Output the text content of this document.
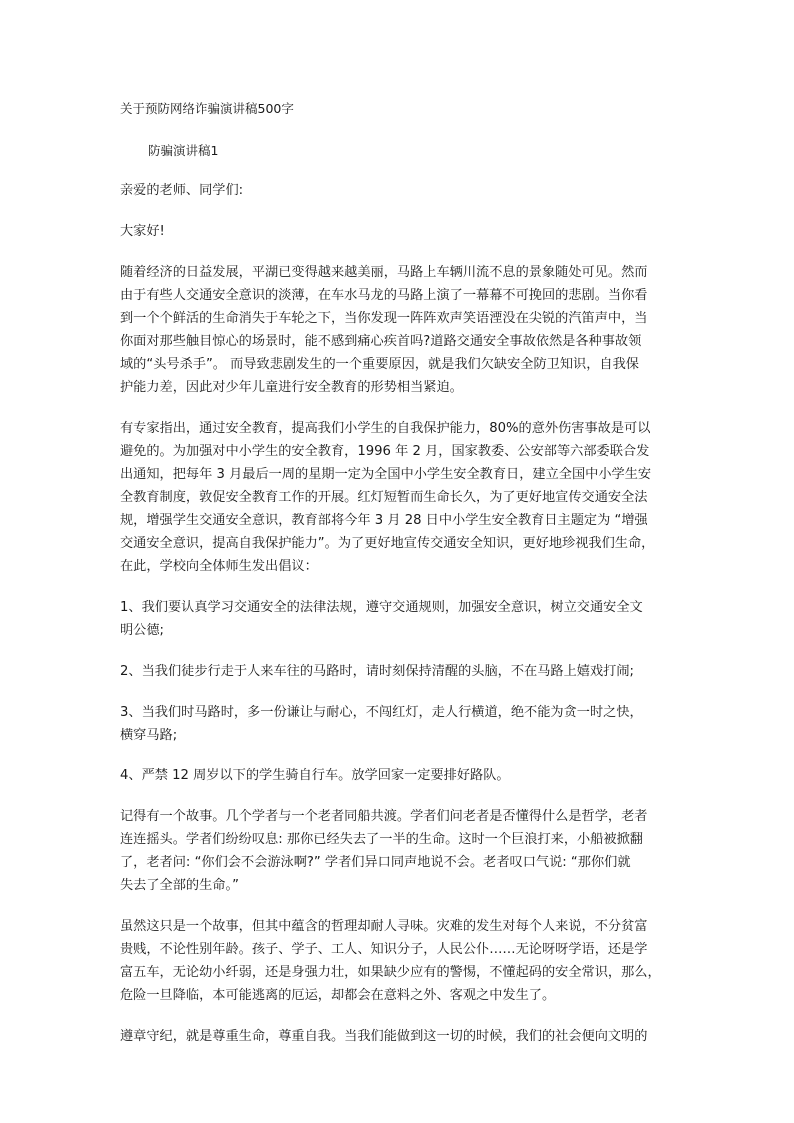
关于预防网络诈骗演讲稿500字

防骗演讲稿1

亲爱的老师、同学们:

大家好!

随着经济的日益发展，平湖已变得越来越美丽，马路上车辆川流不息的景象随处可见。然而

由于有些人交通安全意识的淡薄，在车水马龙的马路上演了一幕幕不可挽回的悲剧。当你看

到一个个鲜活的生命消失于车轮之下，当你发现一阵阵欢声笑语湮没在尖锐的汽笛声中，当

你面对那些触目惊心的场景时，能不感到痛心疾首吗?道路交通安全事故依然是各种事故领

域的“头号杀手”。 而导致悲剧发生的一个重要原因，就是我们欠缺安全防卫知识，自我保

护能力差，因此对少年儿童进行安全教育的形势相当紧迫。

有专家指出，通过安全教育，提高我们小学生的自我保护能力，80%的意外伤害事故是可以

避免的。为加强对中小学生的安全教育，1996 年 2 月，国家教委、公安部等六部委联合发

出通知，把每年 3 月最后一周的星期一定为全国中小学生安全教育日，建立全国中小学生安

全教育制度，敦促安全教育工作的开展。红灯短暂而生命长久，为了更好地宣传交通安全法

规，增强学生交通安全意识，教育部将今年 3 月 28 日中小学生安全教育日主题定为 “增强

交通安全意识，提高自我保护能力”。为了更好地宣传交通安全知识，更好地珍视我们生命，

在此，学校向全体师生发出倡议：

1、我们要认真学习交通安全的法律法规，遵守交通规则，加强安全意识，树立交通安全文

明公德;

2、当我们徒步行走于人来车往的马路时，请时刻保持清醒的头脑，不在马路上嬉戏打闹;

3、当我们时马路时，多一份谦让与耐心，不闯红灯，走人行横道，绝不能为贪一时之快，

横穿马路;

4、严禁 12 周岁以下的学生骑自行车。放学回家一定要排好路队。

记得有一个故事。几个学者与一个老者同船共渡。学者们问老者是否懂得什么是哲学，老者

连连摇头。学者们纷纷叹息: 那你已经失去了一半的生命。这时一个巨浪打来，小船被掀翻

了，老者问: “你们会不会游泳啊?” 学者们异口同声地说不会。老者叹口气说: “那你们就

失去了全部的生命。”

虽然这只是一个故事，但其中蕴含的哲理却耐人寻味。灾难的发生对每个人来说，不分贫富

贵贱，不论性别年龄。孩子、学子、工人、知识分子，人民公仆……无论呀呀学语，还是学

富五车，无论幼小纤弱，还是身强力壮，如果缺少应有的警惕，不懂起码的安全常识，那么，

危险一旦降临，本可能逃离的厄运，却都会在意料之外、客观之中发生了。

遵章守纪，就是尊重生命，尊重自我。当我们能做到这一切的时候，我们的社会便向文明的
